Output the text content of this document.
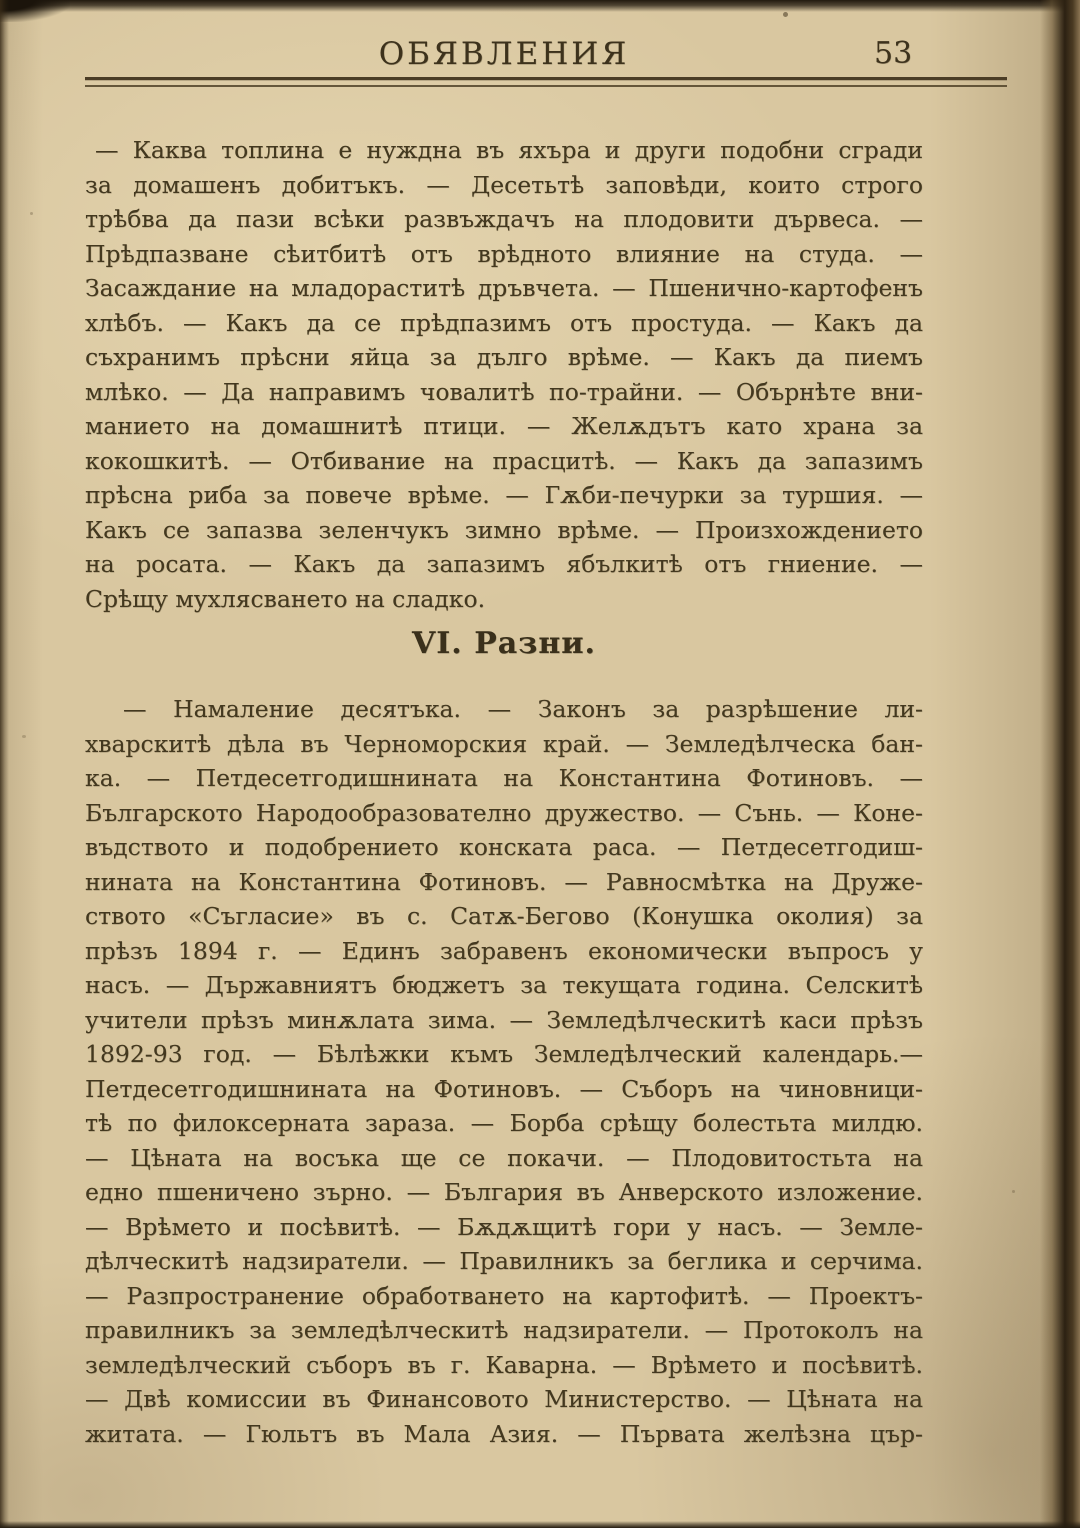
ОБЯВЛЕНИЯ	53
— Каква топлина е нуждна въ яхъра и други подобни сгради
за домашенъ добитъкъ. — Десетьтѣ заповѣди, които строго
трѣбва да пази всѣки развъждачъ на плодовити дървеса. —
Прѣдпазване сѣитбитѣ отъ врѣдното влияние на студа. —
Засаждание на младораститѣ дръвчета. — Пшенично-картофенъ
хлѣбъ. — Какъ да се прѣдпазимъ отъ простуда. — Какъ да
съхранимъ прѣсни яйца за дълго врѣме. — Какъ да пиемъ
млѣко. — Да направимъ човалитѣ по-трайни. — Обърнѣте вни-
манието на домашнитѣ птици. — Желѫдътъ като храна за
кокошкитѣ. — Отбивание на прасцитѣ. — Какъ да запазимъ
прѣсна риба за повече врѣме. — Гѫби-печурки за туршия. —
Какъ се запазва зеленчукъ зимно врѣме. — Произхождението
на росата. — Какъ да запазимъ ябълкитѣ отъ гниение. —
Срѣщу мухлясването на сладко.
VI. Разни.
— Намаление десятъка. — Законъ за разрѣшение ли-
хварскитѣ дѣла въ Черноморския край. — Земледѣлческа бан-
ка. — Петдесетгодишнината на Константина Фотиновъ. —
Българското Народообразователно дружество. — Сънь. — Коне-
въдството и подобрението конската раса. — Петдесетгодиш-
нината на Константина Фотиновъ. — Равносмѣтка на Друже-
ството «Съгласие» въ с. Сатѫ-Бегово (Конушка околия) за
прѣзъ 1894 г. — Единъ забравенъ економически въпросъ у
насъ. — Държавниятъ бюджетъ за текущата година. Селскитѣ
учители прѣзъ минѫлата зима. — Земледѣлческитѣ каси прѣзъ
1892-93 год. — Бѣлѣжки къмъ Земледѣлческий календарь.—
Петдесетгодишнината на Фотиновъ. — Съборъ на чиновници-
тѣ по филоксерната зараза. — Борба срѣщу болестьта милдю.
— Цѣната на восъка ще се покачи. — Плодовитостьта на
едно пшеничено зърно. — България въ Анверското изложение.
— Врѣмето и посѣвитѣ. — Бѫдѫщитѣ гори у насъ. — Земле-
дѣлческитѣ надзиратели. — Правилникъ за беглика и серчима.
— Разпространение обработването на картофитѣ. — Проектъ-
правилникъ за земледѣлческитѣ надзиратели. — Протоколъ на
земледѣлческий съборъ въ г. Каварна. — Врѣмето и посѣвитѣ.
— Двѣ комиссии въ Финансовото Министерство. — Цѣната на
житата. — Гюльтъ въ Мала Азия. — Първата желѣзна цър-
